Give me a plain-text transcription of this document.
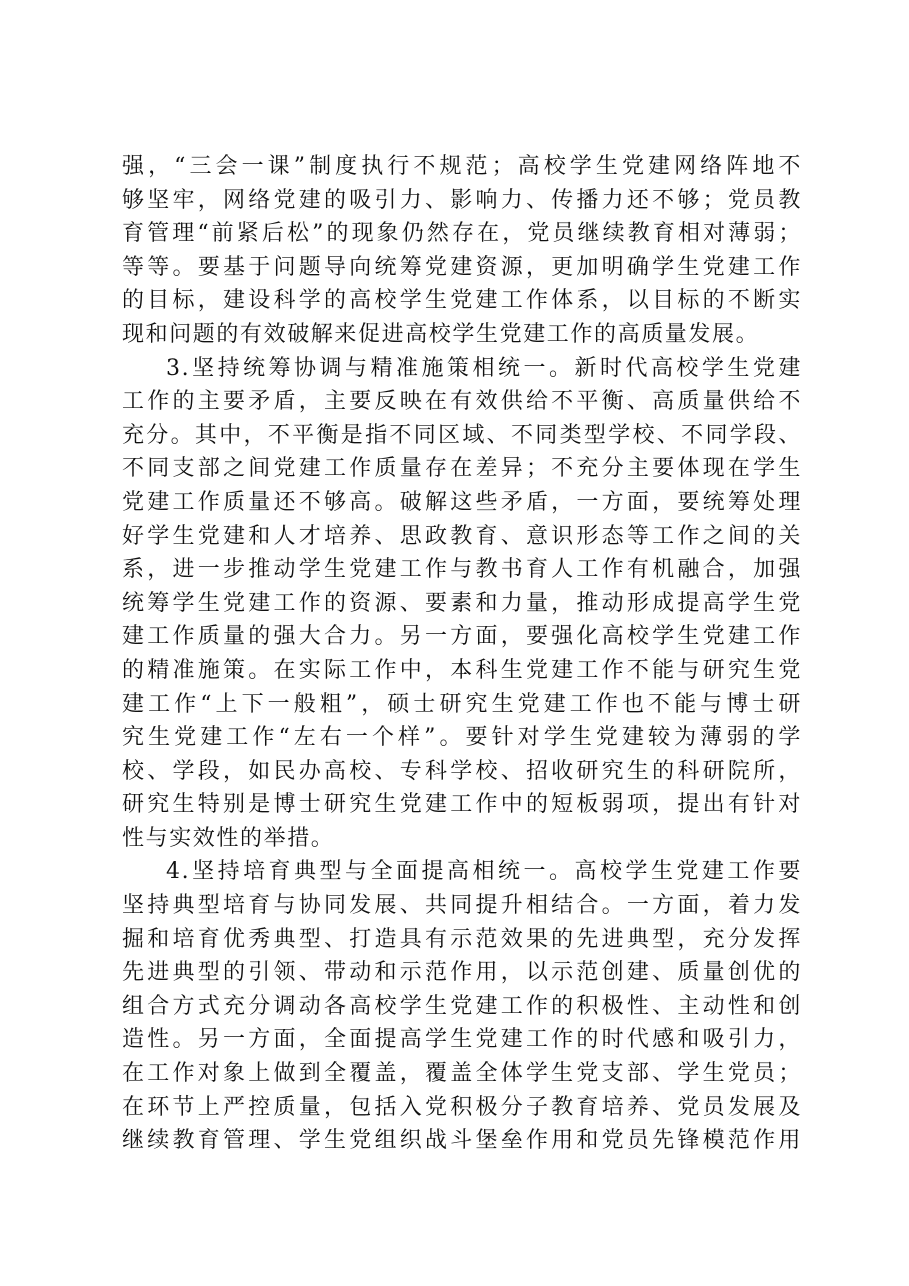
强，“三会一课”制度执行不规范；高校学生党建网络阵地不
够坚牢，网络党建的吸引力、影响力、传播力还不够；党员教
育管理“前紧后松”的现象仍然存在，党员继续教育相对薄弱；
等等。要基于问题导向统筹党建资源，更加明确学生党建工作
的目标，建设科学的高校学生党建工作体系，以目标的不断实
现和问题的有效破解来促进高校学生党建工作的高质量发展。
3.坚持统筹协调与精准施策相统一。新时代高校学生党建
工作的主要矛盾，主要反映在有效供给不平衡、高质量供给不
充分。其中，不平衡是指不同区域、不同类型学校、不同学段、
不同支部之间党建工作质量存在差异；不充分主要体现在学生
党建工作质量还不够高。破解这些矛盾，一方面，要统筹处理
好学生党建和人才培养、思政教育、意识形态等工作之间的关
系，进一步推动学生党建工作与教书育人工作有机融合，加强
统筹学生党建工作的资源、要素和力量，推动形成提高学生党
建工作质量的强大合力。另一方面，要强化高校学生党建工作
的精准施策。在实际工作中，本科生党建工作不能与研究生党
建工作“上下一般粗”，硕士研究生党建工作也不能与博士研
究生党建工作“左右一个样”。要针对学生党建较为薄弱的学
校、学段，如民办高校、专科学校、招收研究生的科研院所，
研究生特别是博士研究生党建工作中的短板弱项，提出有针对
性与实效性的举措。
4.坚持培育典型与全面提高相统一。高校学生党建工作要
坚持典型培育与协同发展、共同提升相结合。一方面，着力发
掘和培育优秀典型、打造具有示范效果的先进典型，充分发挥
先进典型的引领、带动和示范作用，以示范创建、质量创优的
组合方式充分调动各高校学生党建工作的积极性、主动性和创
造性。另一方面，全面提高学生党建工作的时代感和吸引力，
在工作对象上做到全覆盖，覆盖全体学生党支部、学生党员；
在环节上严控质量，包括入党积极分子教育培养、党员发展及
继续教育管理、学生党组织战斗堡垒作用和党员先锋模范作用
